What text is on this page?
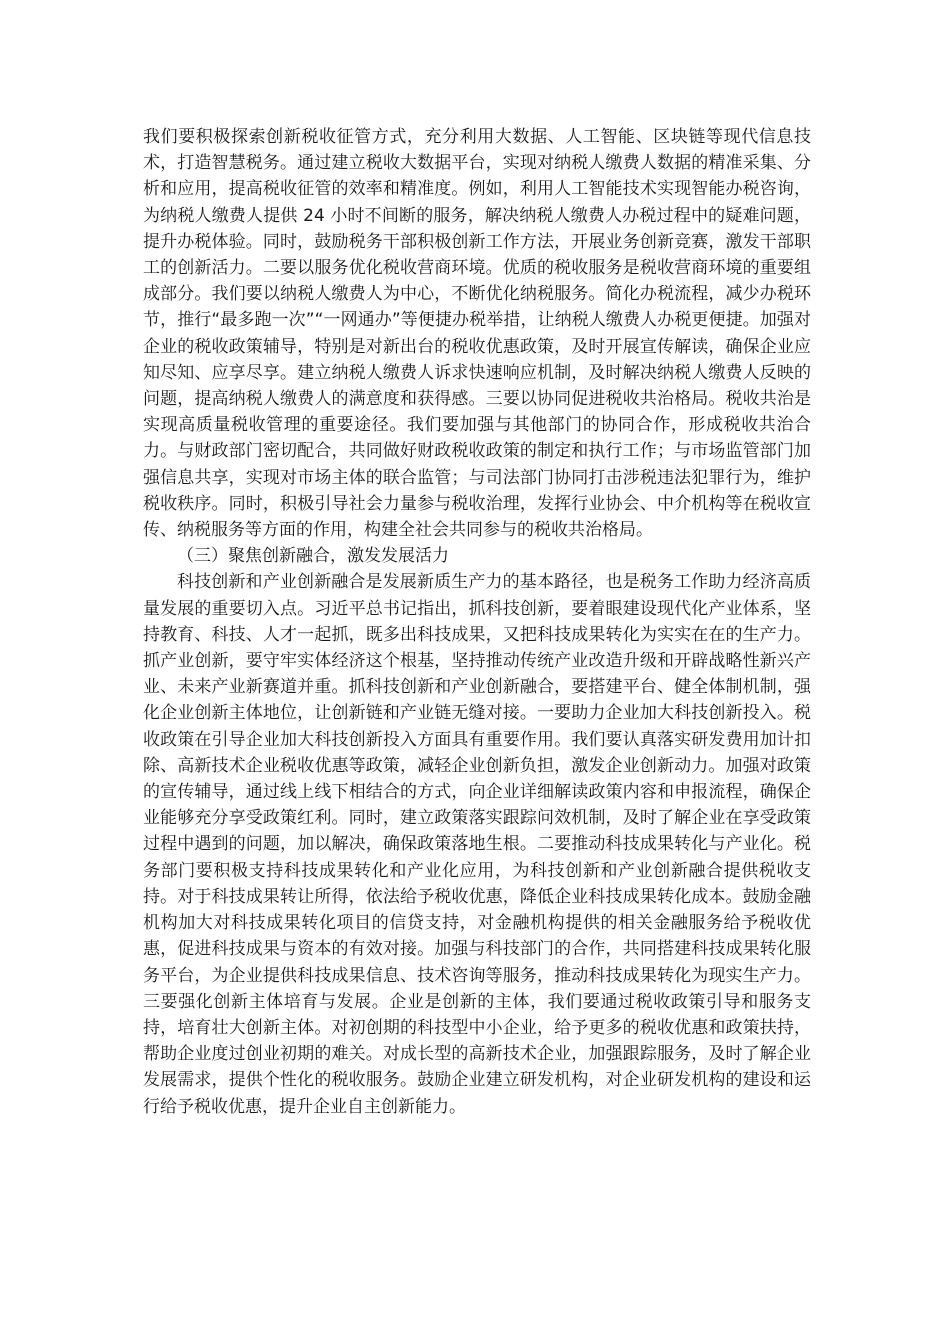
我们要积极探索创新税收征管方式，充分利用大数据、人工智能、区块链等现代信息技术，打造智慧税务。通过建立税收大数据平台，实现对纳税人缴费人数据的精准采集、分析和应用，提高税收征管的效率和精准度。例如，利用人工智能技术实现智能办税咨询，为纳税人缴费人提供 24 小时不间断的服务，解决纳税人缴费人办税过程中的疑难问题，提升办税体验。同时，鼓励税务干部积极创新工作方法，开展业务创新竞赛，激发干部职工的创新活力。二要以服务优化税收营商环境。优质的税收服务是税收营商环境的重要组成部分。我们要以纳税人缴费人为中心，不断优化纳税服务。简化办税流程，减少办税环节，推行“最多跑一次”“一网通办”等便捷办税举措，让纳税人缴费人办税更便捷。加强对企业的税收政策辅导，特别是对新出台的税收优惠政策，及时开展宣传解读，确保企业应知尽知、应享尽享。建立纳税人缴费人诉求快速响应机制，及时解决纳税人缴费人反映的问题，提高纳税人缴费人的满意度和获得感。三要以协同促进税收共治格局。税收共治是实现高质量税收管理的重要途径。我们要加强与其他部门的协同合作，形成税收共治合力。与财政部门密切配合，共同做好财政税收政策的制定和执行工作；与市场监管部门加强信息共享，实现对市场主体的联合监管；与司法部门协同打击涉税违法犯罪行为，维护税收秩序。同时，积极引导社会力量参与税收治理，发挥行业协会、中介机构等在税收宣传、纳税服务等方面的作用，构建全社会共同参与的税收共治格局。

（三）聚焦创新融合，激发发展活力

科技创新和产业创新融合是发展新质生产力的基本路径，也是税务工作助力经济高质量发展的重要切入点。习近平总书记指出，抓科技创新，要着眼建设现代化产业体系，坚持教育、科技、人才一起抓，既多出科技成果，又把科技成果转化为实实在在的生产力。抓产业创新，要守牢实体经济这个根基，坚持推动传统产业改造升级和开辟战略性新兴产业、未来产业新赛道并重。抓科技创新和产业创新融合，要搭建平台、健全体制机制，强化企业创新主体地位，让创新链和产业链无缝对接。一要助力企业加大科技创新投入。税收政策在引导企业加大科技创新投入方面具有重要作用。我们要认真落实研发费用加计扣除、高新技术企业税收优惠等政策，减轻企业创新负担，激发企业创新动力。加强对政策的宣传辅导，通过线上线下相结合的方式，向企业详细解读政策内容和申报流程，确保企业能够充分享受政策红利。同时，建立政策落实跟踪问效机制，及时了解企业在享受政策过程中遇到的问题，加以解决，确保政策落地生根。二要推动科技成果转化与产业化。税务部门要积极支持科技成果转化和产业化应用，为科技创新和产业创新融合提供税收支持。对于科技成果转让所得，依法给予税收优惠，降低企业科技成果转化成本。鼓励金融机构加大对科技成果转化项目的信贷支持，对金融机构提供的相关金融服务给予税收优惠，促进科技成果与资本的有效对接。加强与科技部门的合作，共同搭建科技成果转化服务平台，为企业提供科技成果信息、技术咨询等服务，推动科技成果转化为现实生产力。三要强化创新主体培育与发展。企业是创新的主体，我们要通过税收政策引导和服务支持，培育壮大创新主体。对初创期的科技型中小企业，给予更多的税收优惠和政策扶持，帮助企业度过创业初期的难关。对成长型的高新技术企业，加强跟踪服务，及时了解企业发展需求，提供个性化的税收服务。鼓励企业建立研发机构，对企业研发机构的建设和运行给予税收优惠，提升企业自主创新能力。
